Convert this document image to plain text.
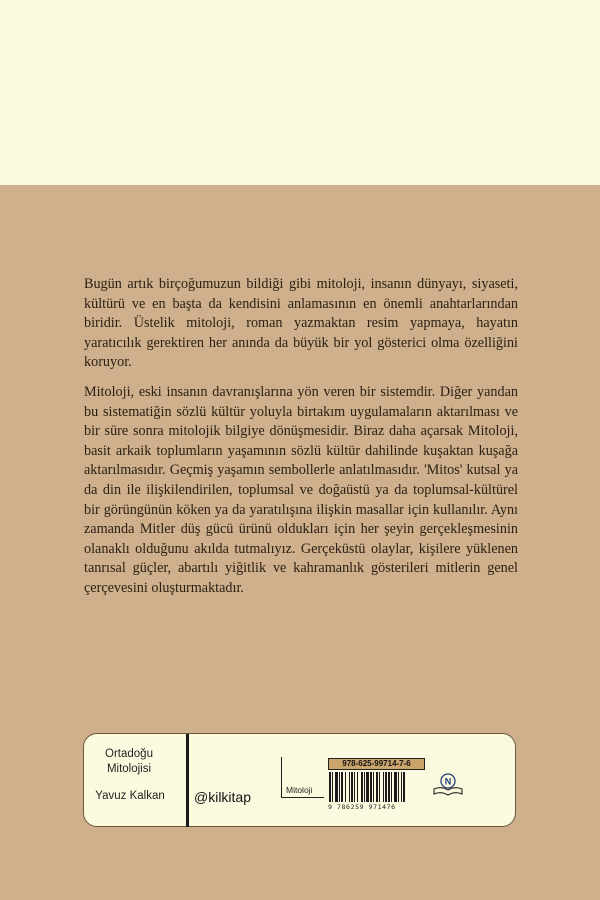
Bugün artık birçoğumuzun bildiği gibi mitoloji, insanın dünyayı, siyaseti, kültürü ve en başta da kendisini anlamasının en önemli anahtarlarından biridir. Üstelik mitoloji, roman yazmaktan resim yapmaya, hayatın yaratıcılık gerektiren her anında da büyük bir yol gösterici olma özelliğini koruyor.

Mitoloji, eski insanın davranışlarına yön veren bir sistemdir. Diğer yandan bu sistematiğin sözlü kültür yoluyla birtakım uygulamaların aktarılması ve bir süre sonra mitolojik bilgiye dönüşmesidir. Biraz daha açarsak Mitoloji, basit arkaik toplumların yaşamının sözlü kültür dahilinde kuşaktan kuşağa aktarılmasıdır. Geçmiş yaşamın sembollerle anlatılmasıdır. 'Mitos' kutsal ya da din ile ilişkilendirilen, toplumsal ve doğaüstü ya da toplumsal-kültürel bir görüngünün köken ya da yaratılışına ilişkin masallar için kullanılır. Aynı zamanda Mitler düş gücü ürünü oldukları için her şeyin gerçekleşmesinin olanaklı olduğunu akılda tutmalıyız. Gerçeküstü olaylar, kişilere yüklenen tanrısal güçler, abartılı yiğitlik ve kahramanlık gösterileri mitlerin genel çerçevesini oluşturmaktadır.

Ortadoğu
Mitolojisi
Yavuz Kalkan	@kilkitap	Mitoloji
978-625-99714-7-6
9 786259 971476
N
